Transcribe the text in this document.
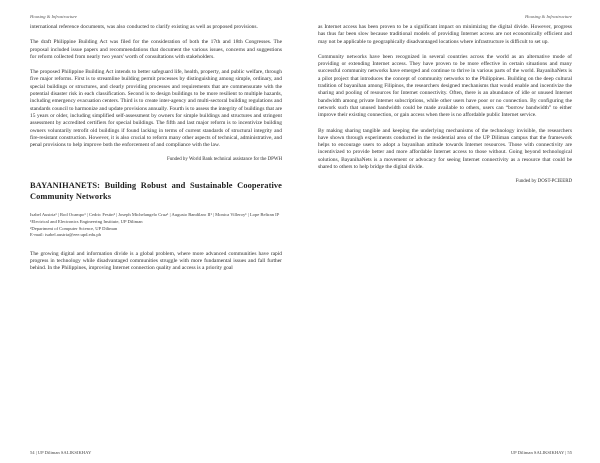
Housing & Infrastructure

international reference documents, was also conducted to clarify existing as well as proposed provisions.

The draft Philippine Building Act was filed for the consideration of both the 17th and 18th Congresses. The proposal included issue papers and recommendations that document the various issues, concerns and suggestions for reform collected from nearly two years' worth of consultations with stakeholders.

The proposed Philippine Building Act intends to better safeguard life, health, property, and public welfare, through five major reforms. First is to streamline building permit processes by distinguishing among simple, ordinary, and special buildings or structures, and clearly providing processes and requirements that are commensurate with the potential disaster risk in each classification. Second is to design buildings to be more resilient to multiple hazards, including emergency evacuation centers. Third is to create inter-agency and multi-sectoral building regulations and standards council to harmonize and update provisions annually. Fourth is to assess the integrity of buildings that are 15 years or older, including simplified self-assessment by owners for simple buildings and structures and stringent assessment by accredited certifiers for special buildings. The fifth and last major reform is to incentivize building owners voluntarily retrofit old buildings if found lacking in terms of current standards of structural integrity and fire-resistant construction. However, it is also crucial to reform many other aspects of technical, administrative, and penal provisions to help improve both the enforcement of and compliance with the law.

Funded by World Bank technical assistance for the DPWH
BAYANIHANETS: Building Robust and Sustainable Cooperative Community Networks
Isabel Austria¹ | Rod Ocampo¹ | Cedric Festin² | Joseph Michelangelo Cruz¹ | Augusto Bandilaro II¹ | Monica Villeroy¹ | Lope Beltran II¹
¹Electrical and Electronics Engineering Institute, UP Diliman
²Department of Computer Science, UP Diliman
E-mail: isabel.austria@eee.upd.edu.ph

The growing digital and information divide is a global problem, where more advanced communities have rapid progress in technology while disadvantaged communities struggle with more fundamental issues and fall further behind. In the Philippines, improving Internet connection quality and access is a priority goal

54 | UP Diliman SALIKSIKHAY
Housing & Infrastructure

as Internet access has been proven to be a significant impact on minimizing the digital divide. However, progress has thus far been slow because traditional models of providing Internet access are not economically efficient and may not be applicable to geographically disadvantaged locations where infrastructure is difficult to set up.

Community networks have been recognized in several countries across the world as an alternative mode of providing or extending Internet access. They have proven to be more effective in certain situations and many successful community networks have emerged and continue to thrive in various parts of the world. BayanihaNets is a pilot project that introduces the concept of community networks to the Philippines. Building on the deep cultural tradition of bayanihan among Filipinos, the researchers designed mechanisms that would enable and incentivize the sharing and pooling of resources for Internet connectivity. Often, there is an abundance of idle or unused Internet bandwidth among private Internet subscriptions, while other users have poor or no connection. By configuring the network such that unused bandwidth could be made available to others, users can “borrow bandwidth” to either improve their existing connection, or gain access when there is no affordable public Internet service.

By making sharing tangible and keeping the underlying mechanisms of the technology invisible, the researchers have shown through experiments conducted in the residential area of the UP Diliman campus that the framework helps to encourage users to adopt a bayanihan attitude towards Internet resources. Those with connectivity are incentivized to provide better and more affordable Internet access to those without. Going beyond technological solutions, BayanihaNets is a movement or advocacy for seeing Internet connectivity as a resource that could be shared to others to help bridge the digital divide.

Funded by DOST-PCIEERD
UP Diliman SALIKSIKHAY | 55
